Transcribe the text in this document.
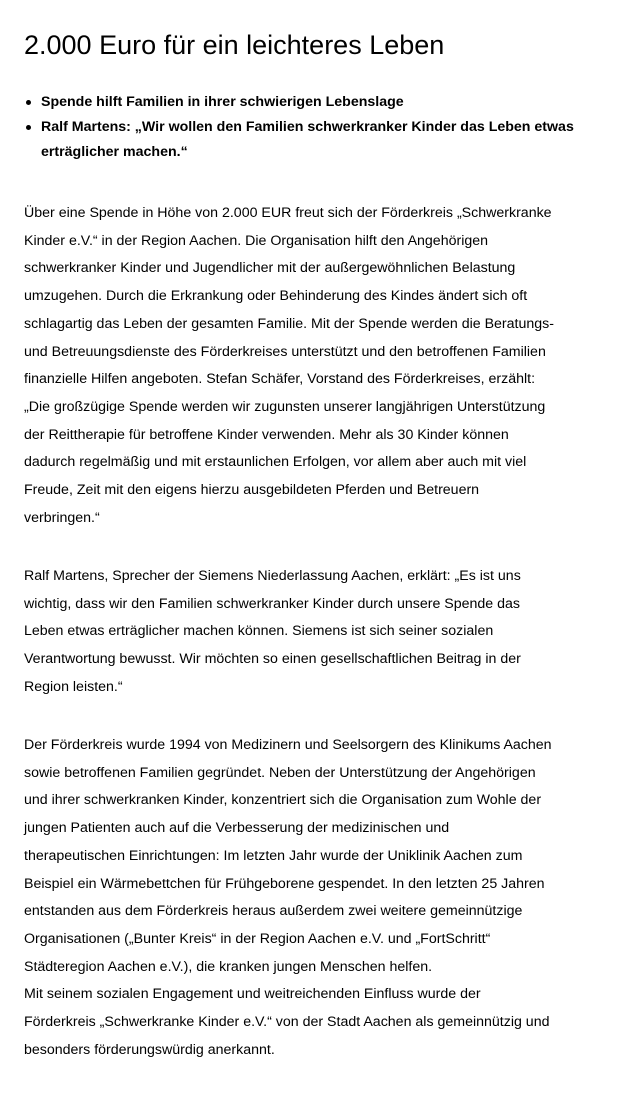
2.000 Euro für ein leichteres Leben
Spende hilft Familien in ihrer schwierigen Lebenslage
Ralf Martens: „Wir wollen den Familien schwerkranker Kinder das Leben etwas erträglicher machen.“

Über eine Spende in Höhe von 2.000 EUR freut sich der Förderkreis „Schwerkranke
Kinder e.V.“ in der Region Aachen. Die Organisation hilft den Angehörigen
schwerkranker Kinder und Jugendlicher mit der außergewöhnlichen Belastung
umzugehen. Durch die Erkrankung oder Behinderung des Kindes ändert sich oft
schlagartig das Leben der gesamten Familie. Mit der Spende werden die Beratungs-
und Betreuungsdienste des Förderkreises unterstützt und den betroffenen Familien
finanzielle Hilfen angeboten. Stefan Schäfer, Vorstand des Förderkreises, erzählt:
„Die großzügige Spende werden wir zugunsten unserer langjährigen Unterstützung
der Reittherapie für betroffene Kinder verwenden. Mehr als 30 Kinder können
dadurch regelmäßig und mit erstaunlichen Erfolgen, vor allem aber auch mit viel
Freude, Zeit mit den eigens hierzu ausgebildeten Pferden und Betreuern
verbringen.“

Ralf Martens, Sprecher der Siemens Niederlassung Aachen, erklärt: „Es ist uns
wichtig, dass wir den Familien schwerkranker Kinder durch unsere Spende das
Leben etwas erträglicher machen können. Siemens ist sich seiner sozialen
Verantwortung bewusst. Wir möchten so einen gesellschaftlichen Beitrag in der
Region leisten.“

Der Förderkreis wurde 1994 von Medizinern und Seelsorgern des Klinikums Aachen
sowie betroffenen Familien gegründet. Neben der Unterstützung der Angehörigen
und ihrer schwerkranken Kinder, konzentriert sich die Organisation zum Wohle der
jungen Patienten auch auf die Verbesserung der medizinischen und
therapeutischen Einrichtungen: Im letzten Jahr wurde der Uniklinik Aachen zum
Beispiel ein Wärmebettchen für Frühgeborene gespendet. In den letzten 25 Jahren
entstanden aus dem Förderkreis heraus außerdem zwei weitere gemeinnützige
Organisationen („Bunter Kreis“ in der Region Aachen e.V. und „FortSchritt“
Städteregion Aachen e.V.), die kranken jungen Menschen helfen.
Mit seinem sozialen Engagement und weitreichenden Einfluss wurde der
Förderkreis „Schwerkranke Kinder e.V.“ von der Stadt Aachen als gemeinnützig und
besonders förderungswürdig anerkannt.
